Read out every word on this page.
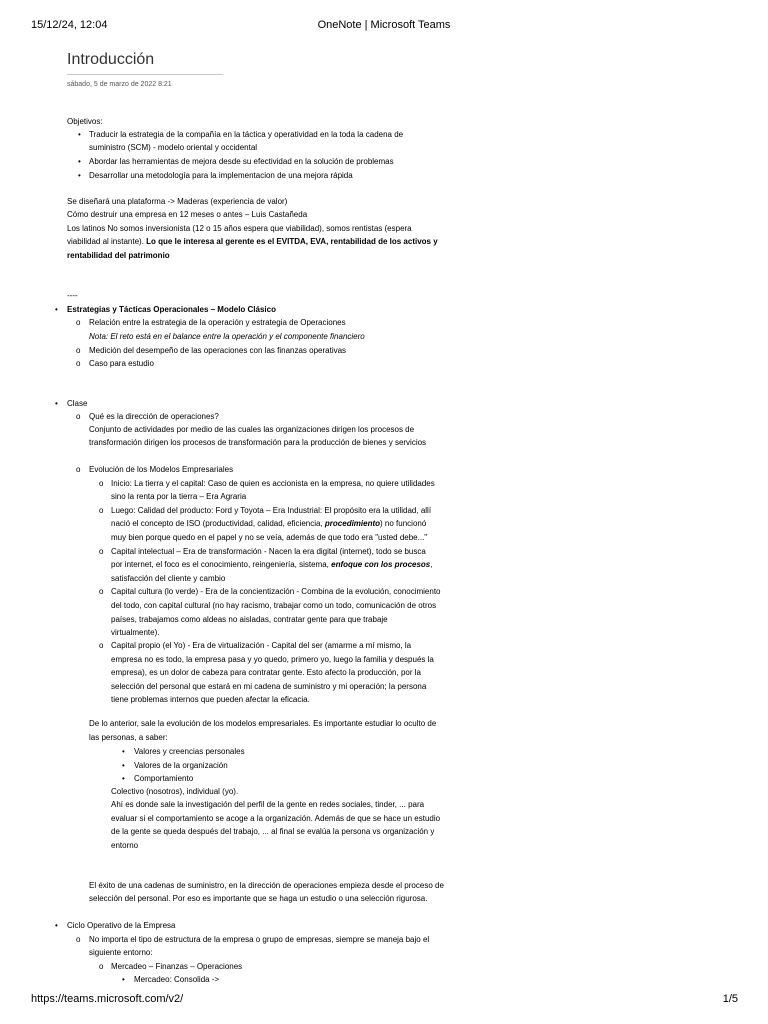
15/12/24, 12:04	OneNote | Microsoft Teams
Introducción
sábado, 5 de marzo de 2022 8:21
Objetivos:
• Traducir la estrategia de la compañía en la táctica y operatividad en la toda la cadena de
suministro (SCM) - modelo oriental y occidental
• Abordar las herramientas de mejora desde su efectividad en la solución de problemas
• Desarrollar una metodología para la implementacion de una mejora rápida
Se diseñará una plataforma -> Maderas (experiencia de valor)
Cómo destruir una empresa en 12 meses o antes – Luis Castañeda
Los latinos No somos inversionista (12 o 15 años espera que viabilidad), somos rentistas (espera
viabilidad al instante). Lo que le interesa al gerente es el EVITDA, EVA, rentabilidad de los activos y
rentabilidad del patrimonio
----
• Estrategias y Tácticas Operacionales – Modelo Clásico
o Relación entre la estrategia de la operación y estrategia de Operaciones
Nota: El reto está en el balance entre la operación y el componente financiero
o Medición del desempeño de las operaciones con las finanzas operativas
o Caso para estudio
• Clase
o Qué es la dirección de operaciones?
Conjunto de actividades por medio de las cuales las organizaciones dirigen los procesos de
transformación dirigen los procesos de transformación para la producción de bienes y servicios
o Evolución de los Modelos Empresariales
o Inicio: La tierra y el capital: Caso de quien es accionista en la empresa, no quiere utilidades
sino la renta por la tierra – Era Agraria
o Luego: Calidad del producto: Ford y Toyota – Era Industrial: El propósito era la utilidad, allí
nació el concepto de ISO (productividad, calidad, eficiencia, procedimiento) no funcionó
muy bien porque quedo en el papel y no se veía, además de que todo era "usted debe..."
o Capital intelectual – Era de transformación - Nacen la era digital (internet), todo se busca
por internet, el foco es el conocimiento, reingeniería, sistema, enfoque con los procesos,
satisfacción del cliente y cambio
o Capital cultura (lo verde) - Era de la concientización - Combina de la evolución, conocimiento
del todo, con capital cultural (no hay racismo, trabajar como un todo, comunicación de otros
países, trabajamos como aldeas no aisladas, contratar gente para que trabaje
virtualmente).
o Capital propio (el Yo) - Era de virtualización - Capital del ser (amarme a mí mismo, la
empresa no es todo, la empresa pasa y yo quedo, primero yo, luego la familia y después la
empresa), es un dolor de cabeza para contratar gente. Esto afecto la producción, por la
selección del personal que estará en mi cadena de suministro y mi operación; la persona
tiene problemas internos que pueden afectar la eficacia.
De lo anterior, sale la evolución de los modelos empresariales. Es importante estudiar lo oculto de
las personas, a saber:
• Valores y creencias personales
• Valores de la organización
• Comportamiento
Colectivo (nosotros), individual (yo).
Ahí es donde sale la investigación del perfil de la gente en redes sociales, tinder, ... para
evaluar si el comportamiento se acoge a la organización. Además de que se hace un estudio
de la gente se queda después del trabajo, ... al final se evalúa la persona vs organización y
entorno
El éxito de una cadenas de suministro, en la dirección de operaciones empieza desde el proceso de
selección del personal. Por eso es importante que se haga un estudio o una selección rigurosa.
• Ciclo Operativo de la Empresa
o No importa el tipo de estructura de la empresa o grupo de empresas, siempre se maneja bajo el
siguiente entorno:
o Mercadeo – Finanzas – Operaciones
• Mercadeo: Consolida ->
https://teams.microsoft.com/v2/	1/5
